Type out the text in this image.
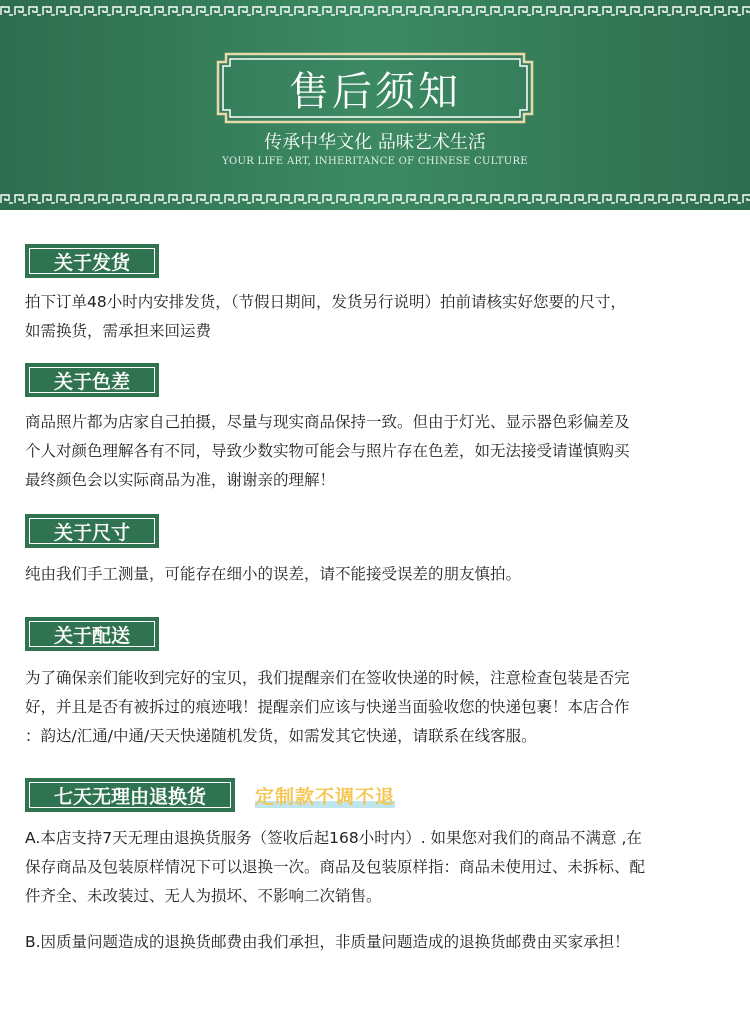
售后须知
传承中华文化 品味艺术生活
YOUR LIFE ART, INHERITANCE OF CHINESE CULTURE
关于发货
拍下订单48小时内安排发货，（节假日期间，发货另行说明）拍前请核实好您要的尺寸，
如需换货，需承担来回运费
关于色差
商品照片都为店家自己拍摄，尽量与现实商品保持一致。但由于灯光、显示器色彩偏差及
个人对颜色理解各有不同，导致少数实物可能会与照片存在色差，如无法接受请谨慎购买
最终颜色会以实际商品为准，谢谢亲的理解！
关于尺寸
纯由我们手工测量，可能存在细小的误差，请不能接受误差的朋友慎拍。
关于配送
为了确保亲们能收到完好的宝贝，我们提醒亲们在签收快递的时候，注意检查包装是否完
好，并且是否有被拆过的痕迹哦！提醒亲们应该与快递当面验收您的快递包裹！本店合作
：韵达/汇通/中通/天天快递随机发货，如需发其它快递，请联系在线客服。
七天无理由退换货	定制款不调不退
A.本店支持7天无理由退换货服务（签收后起168小时内）. 如果您对我们的商品不满意 ,在
保存商品及包装原样情况下可以退换一次。商品及包装原样指：商品未使用过、未拆标、配
件齐全、未改装过、无人为损坏、不影响二次销售。
B.因质量问题造成的退换货邮费由我们承担，非质量问题造成的退换货邮费由买家承担！
